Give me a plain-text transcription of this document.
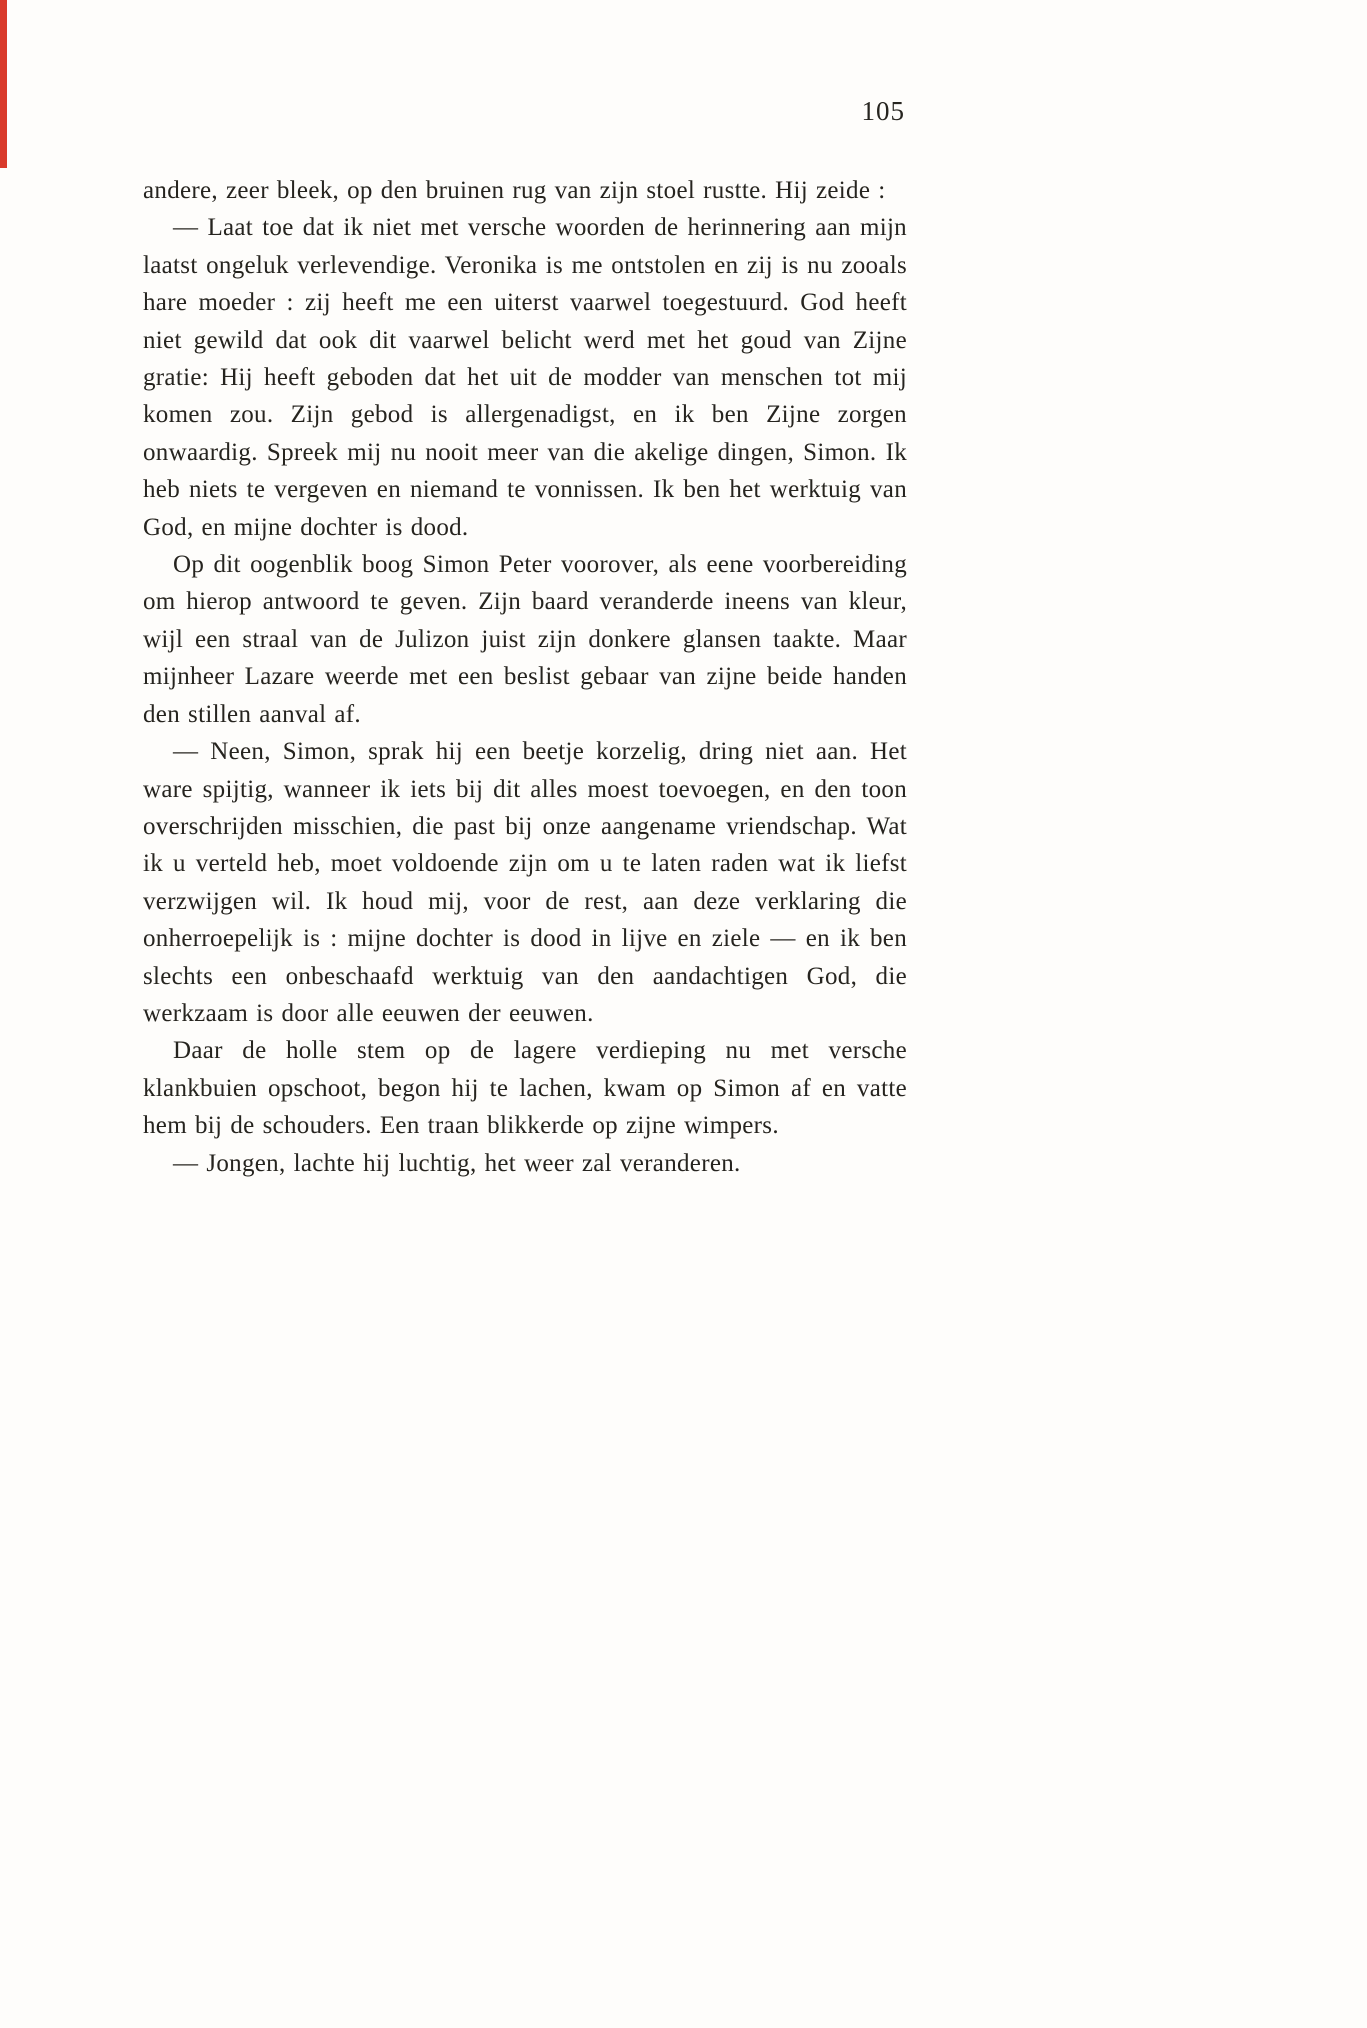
105

andere, zeer bleek, op den bruinen rug van zijn stoel rustte. Hij zeide :

— Laat toe dat ik niet met versche woorden de herinnering aan mijn laatst ongeluk verlevendige. Veronika is me ontstolen en zij is nu zooals hare moeder : zij heeft me een uiterst vaarwel toegestuurd. God heeft niet gewild dat ook dit vaarwel belicht werd met het goud van Zijne gratie: Hij heeft geboden dat het uit de modder van menschen tot mij komen zou. Zijn gebod is allergenadigst, en ik ben Zijne zorgen onwaardig. Spreek mij nu nooit meer van die akelige dingen, Simon. Ik heb niets te vergeven en niemand te vonnissen. Ik ben het werktuig van God, en mijne dochter is dood.

Op dit oogenblik boog Simon Peter voorover, als eene voorbereiding om hierop antwoord te geven. Zijn baard veranderde ineens van kleur, wijl een straal van de Julizon juist zijn donkere glansen taakte. Maar mijnheer Lazare weerde met een beslist gebaar van zijne beide handen den stillen aanval af.

— Neen, Simon, sprak hij een beetje korzelig, dring niet aan. Het ware spijtig, wanneer ik iets bij dit alles moest toevoegen, en den toon overschrijden misschien, die past bij onze aangename vriendschap. Wat ik u verteld heb, moet voldoende zijn om u te laten raden wat ik liefst verzwijgen wil. Ik houd mij, voor de rest, aan deze verklaring die onherroepelijk is : mijne dochter is dood in lijve en ziele — en ik ben slechts een onbeschaafd werktuig van den aandachtigen God, die werkzaam is door alle eeuwen der eeuwen.

Daar de holle stem op de lagere verdieping nu met versche klankbuien opschoot, begon hij te lachen, kwam op Simon af en vatte hem bij de schouders. Een traan blikkerde op zijne wimpers.

— Jongen, lachte hij luchtig, het weer zal veranderen.
